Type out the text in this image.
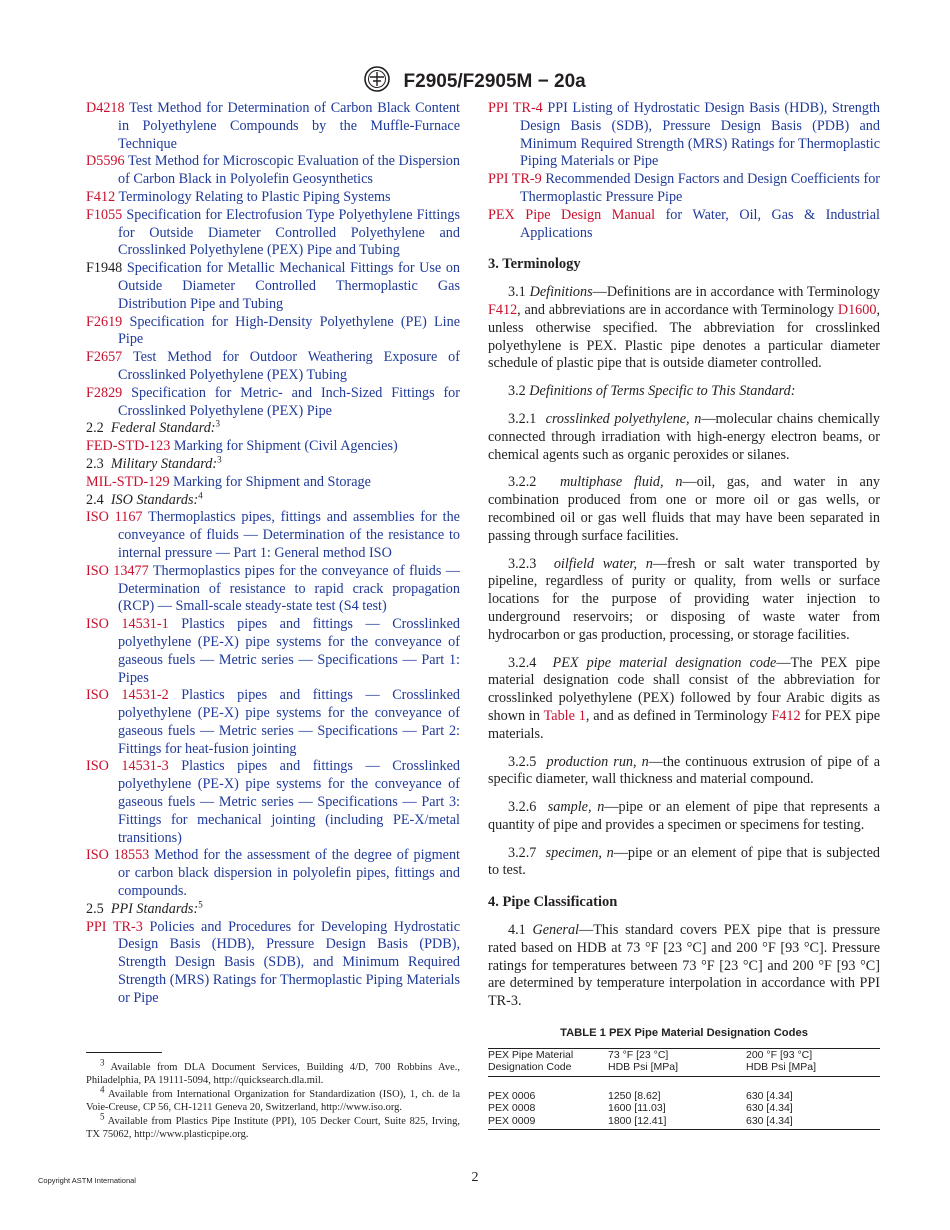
F2905/F2905M − 20a
D4218 Test Method for Determination of Carbon Black Content in Polyethylene Compounds by the Muffle-Furnace Technique
D5596 Test Method for Microscopic Evaluation of the Dispersion of Carbon Black in Polyolefin Geosynthetics
F412 Terminology Relating to Plastic Piping Systems
F1055 Specification for Electrofusion Type Polyethylene Fittings for Outside Diameter Controlled Polyethylene and Crosslinked Polyethylene (PEX) Pipe and Tubing
F1948 Specification for Metallic Mechanical Fittings for Use on Outside Diameter Controlled Thermoplastic Gas Distribution Pipe and Tubing
F2619 Specification for High-Density Polyethylene (PE) Line Pipe
F2657 Test Method for Outdoor Weathering Exposure of Crosslinked Polyethylene (PEX) Tubing
F2829 Specification for Metric- and Inch-Sized Fittings for Crosslinked Polyethylene (PEX) Pipe
2.2 Federal Standard:$^3$
FED-STD-123 Marking for Shipment (Civil Agencies)
2.3 Military Standard:$^3$
MIL-STD-129 Marking for Shipment and Storage
2.4 ISO Standards:$^4$
ISO 1167 Thermoplastics pipes, fittings and assemblies for the conveyance of fluids — Determination of the resistance to internal pressure — Part 1: General method ISO
ISO 13477 Thermoplastics pipes for the conveyance of fluids — Determination of resistance to rapid crack propagation (RCP) — Small-scale steady-state test (S4 test)
ISO 14531-1 Plastics pipes and fittings — Crosslinked polyethylene (PE-X) pipe systems for the conveyance of gaseous fuels — Metric series — Specifications — Part 1: Pipes
ISO 14531-2 Plastics pipes and fittings — Crosslinked polyethylene (PE-X) pipe systems for the conveyance of gaseous fuels — Metric series — Specifications — Part 2: Fittings for heat-fusion jointing
ISO 14531-3 Plastics pipes and fittings — Crosslinked polyethylene (PE-X) pipe systems for the conveyance of gaseous fuels — Metric series — Specifications — Part 3: Fittings for mechanical jointing (including PE-X/metal transitions)
ISO 18553 Method for the assessment of the degree of pigment or carbon black dispersion in polyolefin pipes, fittings and compounds.
2.5 PPI Standards:$^5$
PPI TR-3 Policies and Procedures for Developing Hydrostatic Design Basis (HDB), Pressure Design Basis (PDB), Strength Design Basis (SDB), and Minimum Required Strength (MRS) Ratings for Thermoplastic Piping Materials or Pipe
PPI TR-4 PPI Listing of Hydrostatic Design Basis (HDB), Strength Design Basis (SDB), Pressure Design Basis (PDB) and Minimum Required Strength (MRS) Ratings for Thermoplastic Piping Materials or Pipe
PPI TR-9 Recommended Design Factors and Design Coefficients for Thermoplastic Pressure Pipe
PEX Pipe Design Manual for Water, Oil, Gas & Industrial Applications
3. Terminology

3.1 Definitions—Definitions are in accordance with Terminology F412, and abbreviations are in accordance with Terminology D1600, unless otherwise specified. The abbreviation for crosslinked polyethylene is PEX. Plastic pipe denotes a particular diameter schedule of plastic pipe that is outside diameter controlled.

3.2 Definitions of Terms Specific to This Standard:

3.2.1 crosslinked polyethylene, n—molecular chains chemically connected through irradiation with high-energy electron beams, or chemical agents such as organic peroxides or silanes.

3.2.2 multiphase fluid, n—oil, gas, and water in any combination produced from one or more oil or gas wells, or recombined oil or gas well fluids that may have been separated in passing through surface facilities.

3.2.3 oilfield water, n—fresh or salt water transported by pipeline, regardless of purity or quality, from wells or surface locations for the purpose of providing water injection to underground reservoirs; or disposing of waste water from hydrocarbon or gas production, processing, or storage facilities.

3.2.4 PEX pipe material designation code—The PEX pipe material designation code shall consist of the abbreviation for crosslinked polyethylene (PEX) followed by four Arabic digits as shown in Table 1, and as defined in Terminology F412 for PEX pipe materials.

3.2.5 production run, n—the continuous extrusion of pipe of a specific diameter, wall thickness and material compound.

3.2.6 sample, n—pipe or an element of pipe that represents a quantity of pipe and provides a specimen or specimens for testing.

3.2.7 specimen, n—pipe or an element of pipe that is subjected to test.

4. Pipe Classification

4.1 General—This standard covers PEX pipe that is pressure rated based on HDB at 73 °F [23 °C] and 200 °F [93 °C]. Pressure ratings for temperatures between 73 °F [23 °C] and 200 °F [93 °C] are determined by temperature interpolation in accordance with PPI TR-3.

TABLE 1 PEX Pipe Material Designation Codes
PEX Pipe Material	73 °F [23 °C]	200 °F [93 °C]
Designation Code	HDB Psi [MPa]	HDB Psi [MPa]
PEX 0006	1250 [8.62]	630 [4.34]
PEX 0008	1600 [11.03]	630 [4.34]
PEX 0009	1800 [12.41]	630 [4.34]

$^3$ Available from DLA Document Services, Building 4/D, 700 Robbins Ave., Philadelphia, PA 19111-5094, http://quicksearch.dla.mil.

$^4$ Available from International Organization for Standardization (ISO), 1, ch. de la Voie-Creuse, CP 56, CH-1211 Geneva 20, Switzerland, http://www.iso.org.

$^5$ Available from Plastics Pipe Institute (PPI), 105 Decker Court, Suite 825, Irving, TX 75062, http://www.plasticpipe.org.

Copyright ASTM International	2
